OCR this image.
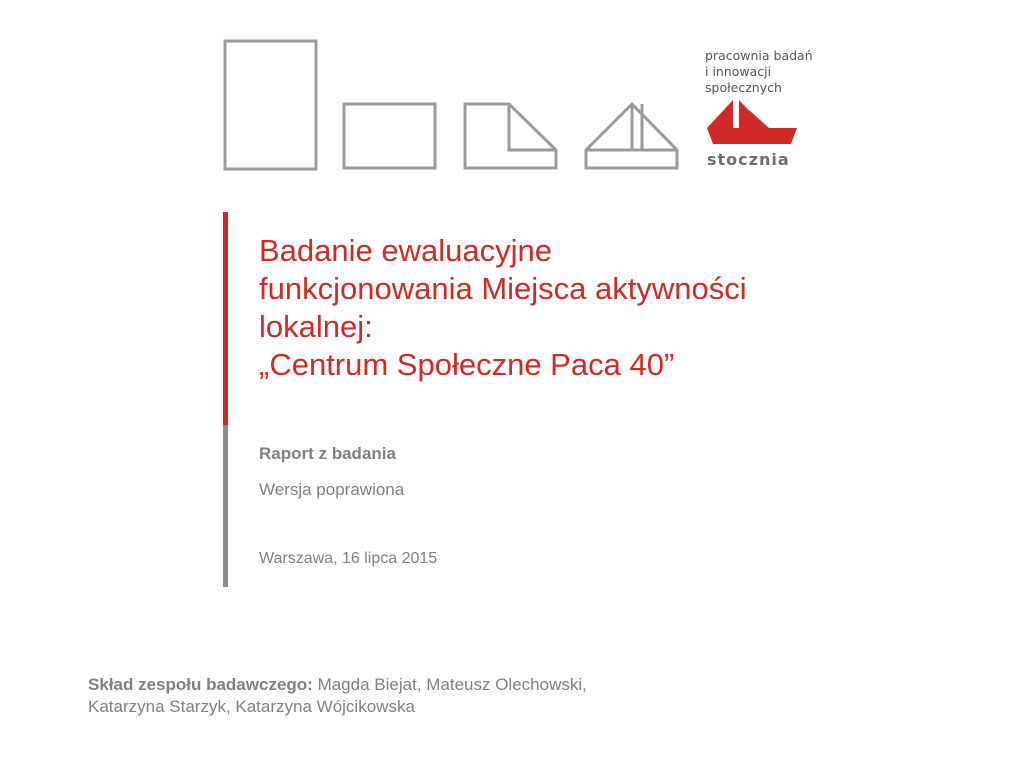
pracownia badań
i innowacji
społecznych
stocznia
Badanie ewaluacyjne
funkcjonowania Miejsca aktywności
lokalnej:
„Centrum Społeczne Paca 40”
Raport z badania
Wersja poprawiona
Warszawa, 16 lipca 2015
Skład zespołu badawczego: Magda Biejat, Mateusz Olechowski, Katarzyna Starzyk, Katarzyna Wójcikowska
